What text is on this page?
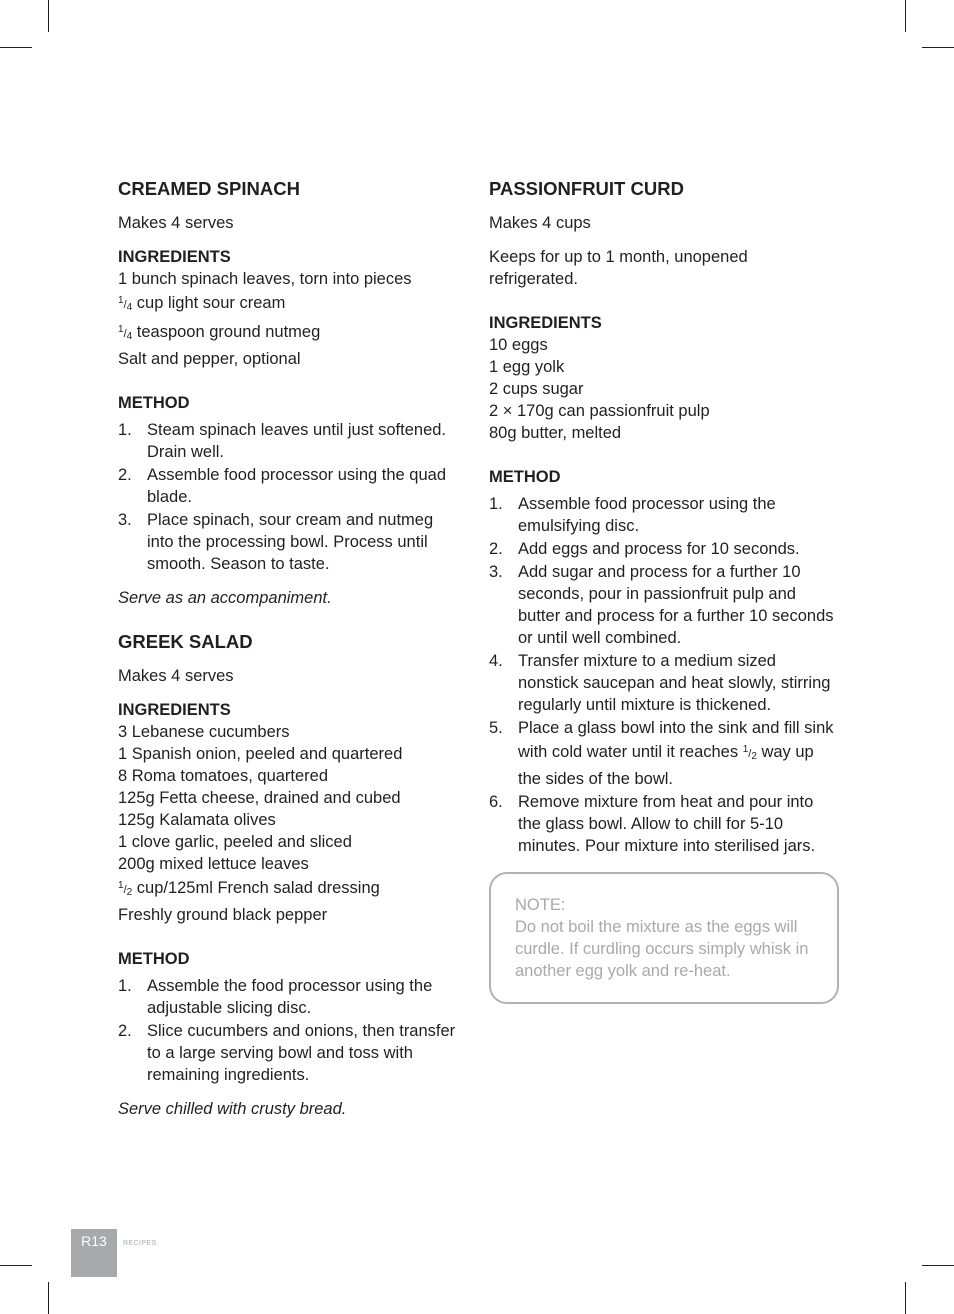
CREAMED SPINACH

Makes 4 serves

INGREDIENTS

1 bunch spinach leaves, torn into pieces
$^1/_4$ cup light sour cream
$^1/_4$ teaspoon ground nutmeg
Salt and pepper, optional

METHOD

1. Steam spinach leaves until just softened. Drain well.
2. Assemble food processor using the quad blade.
3. Place spinach, sour cream and nutmeg into the processing bowl. Process until smooth. Season to taste.

Serve as an accompaniment.

GREEK SALAD

Makes 4 serves

INGREDIENTS

3 Lebanese cucumbers
1 Spanish onion, peeled and quartered
8 Roma tomatoes, quartered
125g Fetta cheese, drained and cubed
125g Kalamata olives
1 clove garlic, peeled and sliced
200g mixed lettuce leaves
$^1/_2$ cup/125ml French salad dressing
Freshly ground black pepper

METHOD

1. Assemble the food processor using the adjustable slicing disc.
2. Slice cucumbers and onions, then transfer to a large serving bowl and toss with remaining ingredients.

Serve chilled with crusty bread.

PASSIONFRUIT CURD

Makes 4 cups

Keeps for up to 1 month, unopened refrigerated.

INGREDIENTS

10 eggs
1 egg yolk
2 cups sugar
2 × 170g can passionfruit pulp
80g butter, melted

METHOD

1. Assemble food processor using the emulsifying disc.
2. Add eggs and process for 10 seconds.
3. Add sugar and process for a further 10 seconds, pour in passionfruit pulp and butter and process for a further 10 seconds or until well combined.
4. Transfer mixture to a medium sized nonstick saucepan and heat slowly, stirring regularly until mixture is thickened.
5. Place a glass bowl into the sink and fill sink with cold water until it reaches $^1/_2$ way up the sides of the bowl.
6. Remove mixture from heat and pour into the glass bowl. Allow to chill for 5-10 minutes. Pour mixture into sterilised jars.

NOTE:

Do not boil the mixture as the eggs will curdle. If curdling occurs simply whisk in another egg yolk and re-heat.

R13	RECIPES
